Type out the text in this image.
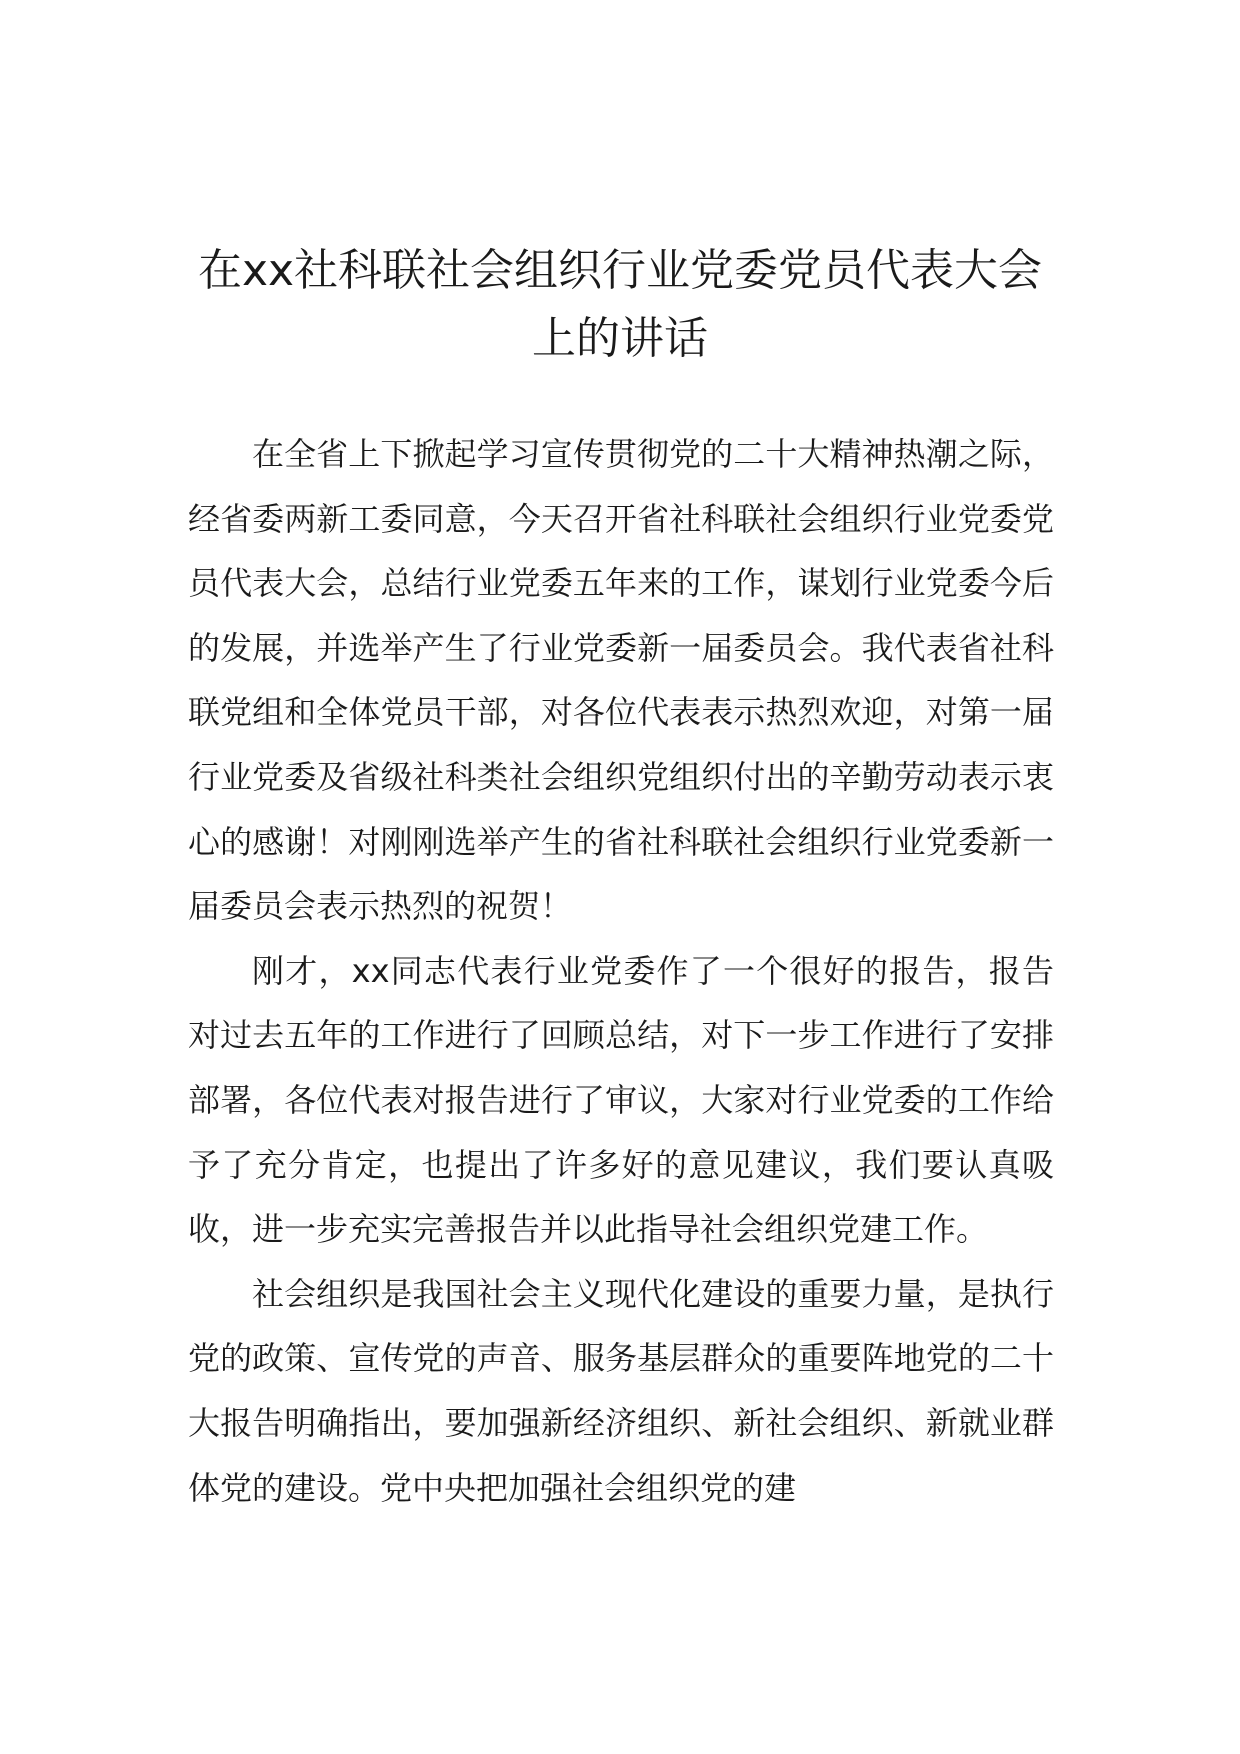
在xx社科联社会组织行业党委党员代表大会上的讲话

在全省上下掀起学习宣传贯彻党的二十大精神热潮之际，经省委两新工委同意，今天召开省社科联社会组织行业党委党员代表大会，总结行业党委五年来的工作，谋划行业党委今后的发展，并选举产生了行业党委新一届委员会。我代表省社科联党组和全体党员干部，对各位代表表示热烈欢迎，对第一届行业党委及省级社科类社会组织党组织付出的辛勤劳动表示衷心的感谢！对刚刚选举产生的省社科联社会组织行业党委新一届委员会表示热烈的祝贺！

刚才，xx同志代表行业党委作了一个很好的报告，报告对过去五年的工作进行了回顾总结，对下一步工作进行了安排部署，各位代表对报告进行了审议，大家对行业党委的工作给予了充分肯定，也提出了许多好的意见建议，我们要认真吸收，进一步充实完善报告并以此指导社会组织党建工作。

社会组织是我国社会主义现代化建设的重要力量，是执行党的政策、宣传党的声音、服务基层群众的重要阵地党的二十大报告明确指出，要加强新经济组织、新社会组织、新就业群体党的建设。党中央把加强社会组织党的建
